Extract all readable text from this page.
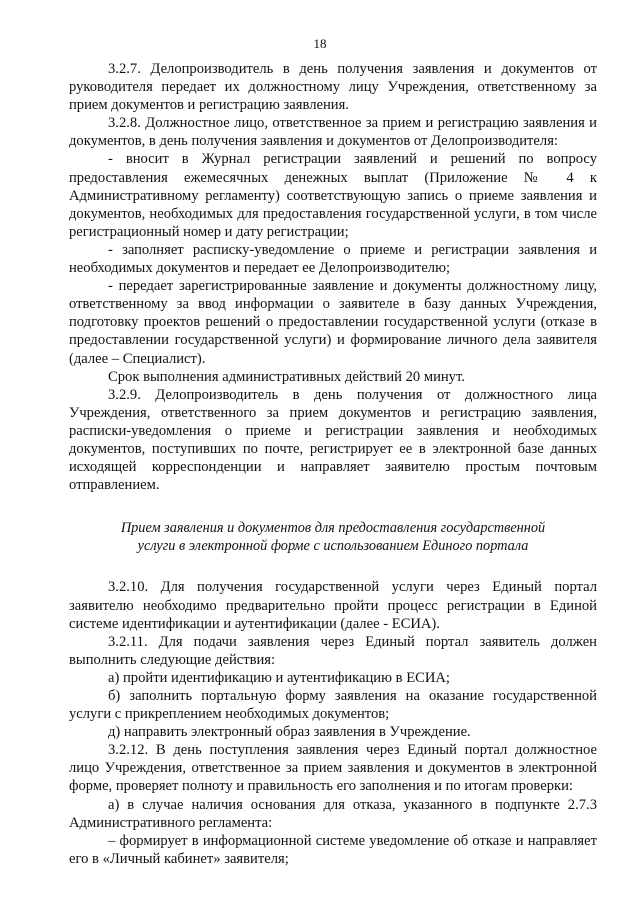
18

3.2.7. Делопроизводитель в день получения заявления и документов от руководителя передает их должностному лицу Учреждения, ответственному за прием документов и регистрацию заявления.

3.2.8. Должностное лицо, ответственное за прием и регистрацию заявления и документов, в день получения заявления и документов от Делопроизводителя:

- вносит в Журнал регистрации заявлений и решений по вопросу предоставления ежемесячных денежных выплат (Приложение № 4 к Административному регламенту) соответствующую запись о приеме заявления и документов, необходимых для предоставления государственной услуги, в том числе регистрационный номер и дату регистрации;

- заполняет расписку-уведомление о приеме и регистрации заявления и необходимых документов и передает ее Делопроизводителю;

- передает зарегистрированные заявление и документы должностному лицу, ответственному за ввод информации о заявителе в базу данных Учреждения, подготовку проектов решений о предоставлении государственной услуги (отказе в предоставлении государственной услуги) и формирование личного дела заявителя (далее – Специалист).

Срок выполнения административных действий 20 минут.

3.2.9. Делопроизводитель в день получения от должностного лица Учреждения, ответственного за прием документов и регистрацию заявления, расписки-уведомления о приеме и регистрации заявления и необходимых документов, поступивших по почте, регистрирует ее в электронной базе данных исходящей корреспонденции и направляет заявителю простым почтовым отправлением.

Прием заявления и документов для предоставления государственной
услуги в электронной форме с использованием Единого портала

3.2.10. Для получения государственной услуги через Единый портал заявителю необходимо предварительно пройти процесс регистрации в Единой системе идентификации и аутентификации (далее - ЕСИА).

3.2.11. Для подачи заявления через Единый портал заявитель должен выполнить следующие действия:

а) пройти идентификацию и аутентификацию в ЕСИА;

б) заполнить портальную форму заявления на оказание государственной услуги с прикреплением необходимых документов;

д) направить электронный образ заявления в Учреждение.

3.2.12. В день поступления заявления через Единый портал должностное лицо Учреждения, ответственное за прием заявления и документов в электронной форме, проверяет полноту и правильность его заполнения и по итогам проверки:

а) в случае наличия основания для отказа, указанного в подпункте 2.7.3 Административного регламента:

– формирует в информационной системе уведомление об отказе и направляет его в «Личный кабинет» заявителя;
